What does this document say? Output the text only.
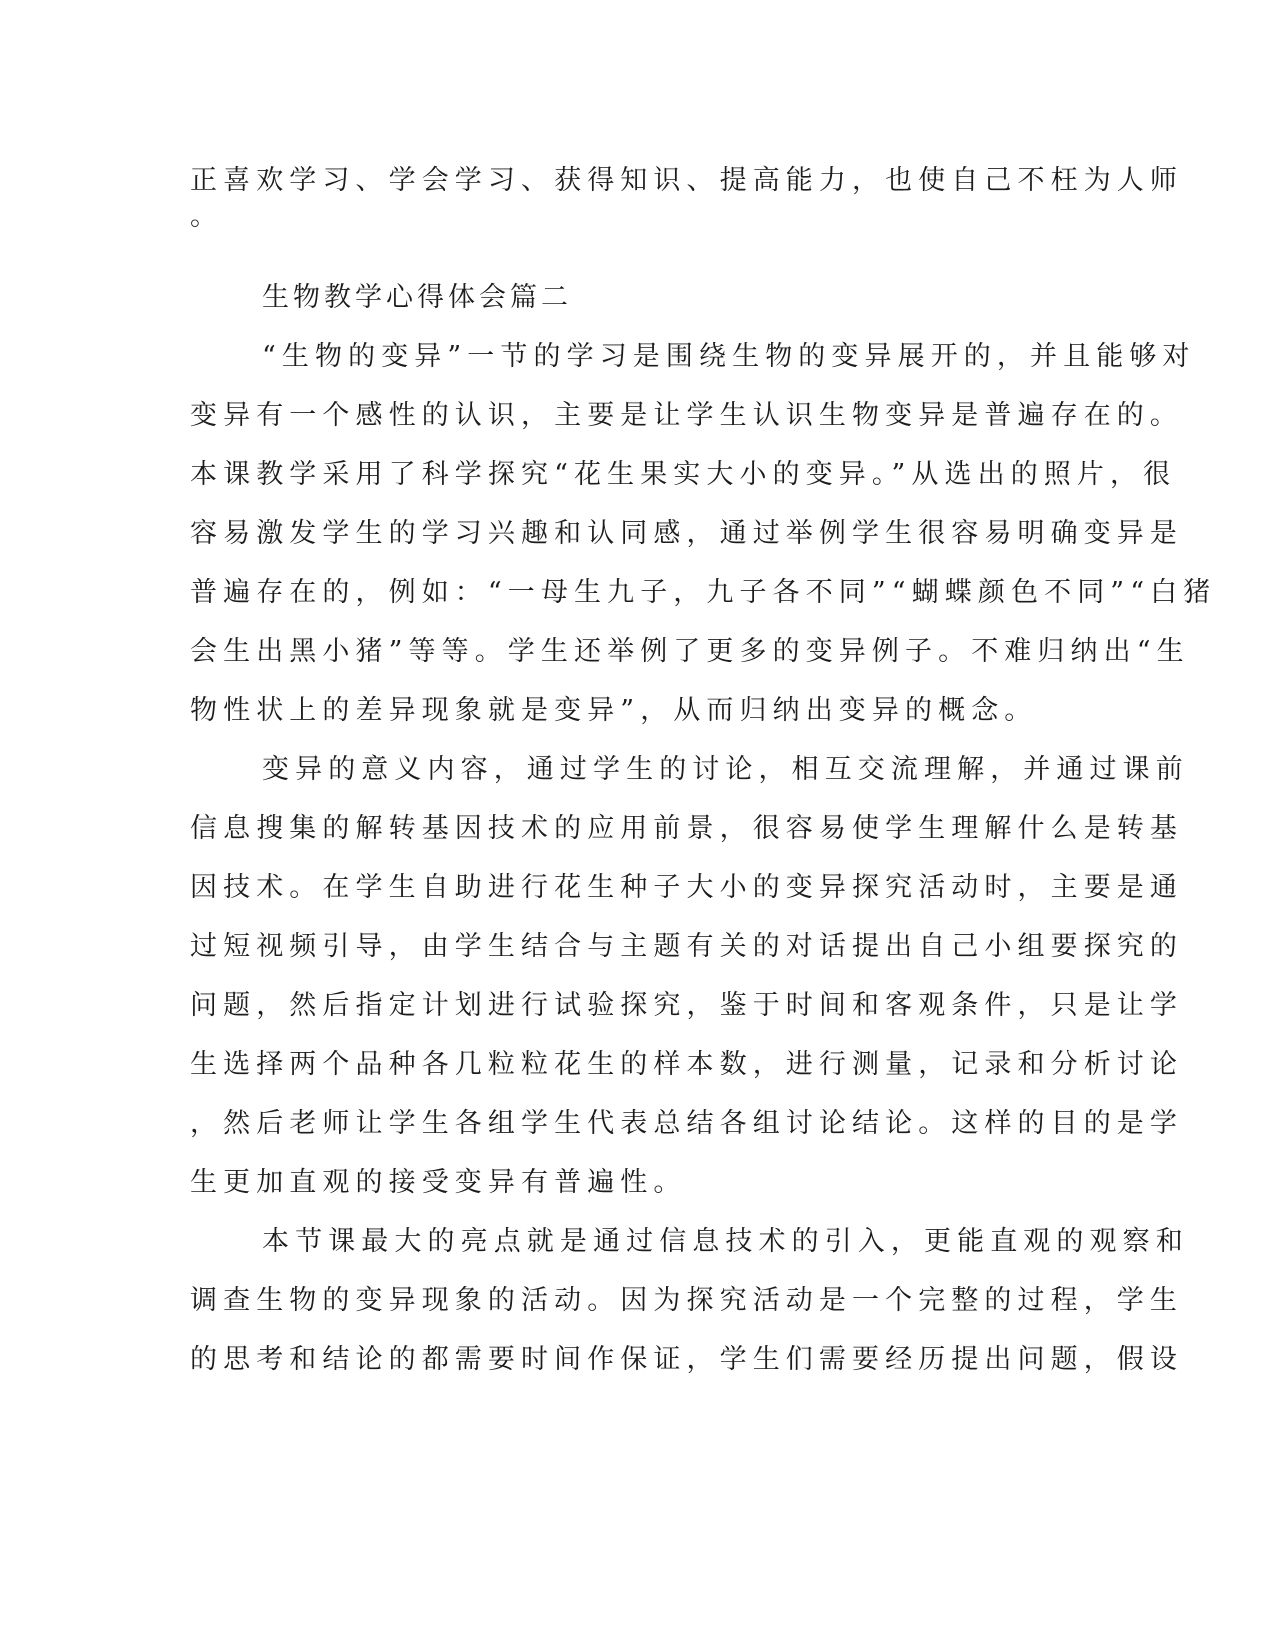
正喜欢学习、学会学习、获得知识、提高能力，也使自己不枉为人师
。
生物教学心得体会篇二
“生物的变异”一节的学习是围绕生物的变异展开的，并且能够对
变异有一个感性的认识，主要是让学生认识生物变异是普遍存在的。
本课教学采用了科学探究“花生果实大小的变异。”从选出的照片，很
容易激发学生的学习兴趣和认同感，通过举例学生很容易明确变异是
普遍存在的，例如：“一母生九子，九子各不同”“蝴蝶颜色不同”“白猪
会生出黑小猪”等等。学生还举例了更多的变异例子。不难归纳出“生
物性状上的差异现象就是变异”，从而归纳出变异的概念。
变异的意义内容，通过学生的讨论，相互交流理解，并通过课前
信息搜集的解转基因技术的应用前景，很容易使学生理解什么是转基
因技术。在学生自助进行花生种子大小的变异探究活动时，主要是通
过短视频引导，由学生结合与主题有关的对话提出自己小组要探究的
问题，然后指定计划进行试验探究，鉴于时间和客观条件，只是让学
生选择两个品种各几粒粒花生的样本数，进行测量，记录和分析讨论
，然后老师让学生各组学生代表总结各组讨论结论。这样的目的是学
生更加直观的接受变异有普遍性。
本节课最大的亮点就是通过信息技术的引入，更能直观的观察和
调查生物的变异现象的活动。因为探究活动是一个完整的过程，学生
的思考和结论的都需要时间作保证，学生们需要经历提出问题，假设
